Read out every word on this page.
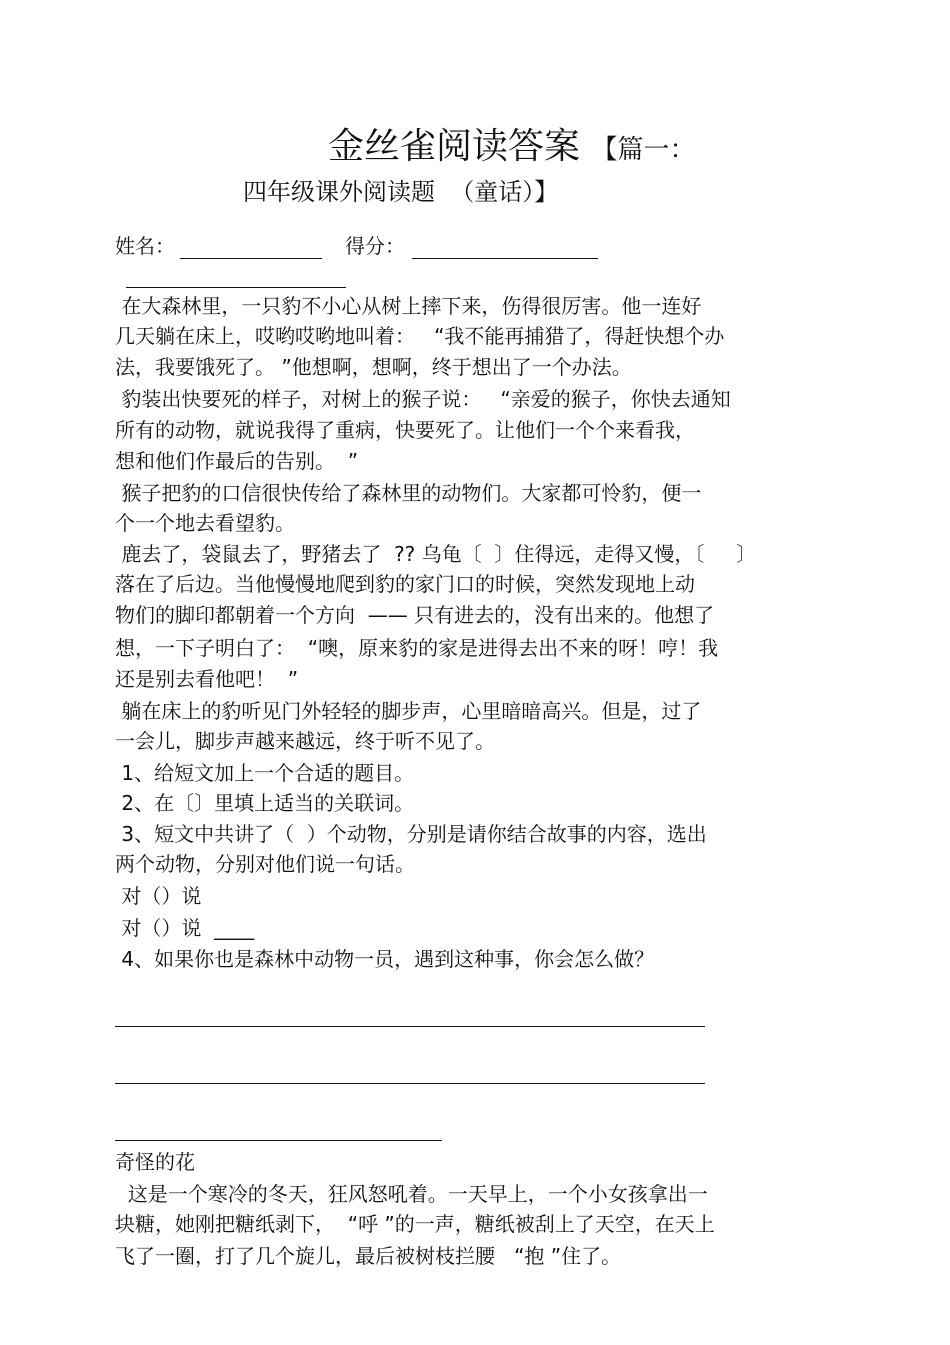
金丝雀阅读答案 【篇一：
四年级课外阅读题  （童话）】
姓名：	得分：
在大森林里，一只豹不小心从树上摔下来，伤得很厉害。他一连好
几天躺在床上，哎哟哎哟地叫着：   “我不能再捕猎了，得赶快想个办
法，我要饿死了。 ”他想啊，想啊，终于想出了一个办法。
豹装出快要死的样子，对树上的猴子说：   “亲爱的猴子，你快去通知
所有的动物，就说我得了重病，快要死了。让他们一个个来看我，
想和他们作最后的告别。  ”
猴子把豹的口信很快传给了森林里的动物们。大家都可怜豹，便一
个一个地去看望豹。
鹿去了，袋鼠去了，野猪去了  ?? 乌龟〔  〕住得远，走得又慢，〔     〕
落在了后边。当他慢慢地爬到豹的家门口的时候，突然发现地上动
物们的脚印都朝着一个方向  —— 只有进去的，没有出来的。他想了
想，一下子明白了：  “噢，原来豹的家是进得去出不来的呀！哼！我
还是别去看他吧！  ”
躺在床上的豹听见门外轻轻的脚步声，心里暗暗高兴。但是，过了
一会儿，脚步声越来越远，终于听不见了。
1、给短文加上一个合适的题目。
2、在〔〕里填上适当的关联词。
3、短文中共讲了（  ）个动物，分别是请你结合故事的内容，选出
两个动物，分别对他们说一句话。
对（）说
对（）说  ____
4、如果你也是森林中动物一员，遇到这种事，你会怎么做？
奇怪的花
这是一个寒冷的冬天，狂风怒吼着。一天早上，一个小女孩拿出一
块糖，她刚把糖纸剥下，  “呼 ”的一声，糖纸被刮上了天空，在天上
飞了一圈，打了几个旋儿，最后被树枝拦腰   “抱 ”住了。
